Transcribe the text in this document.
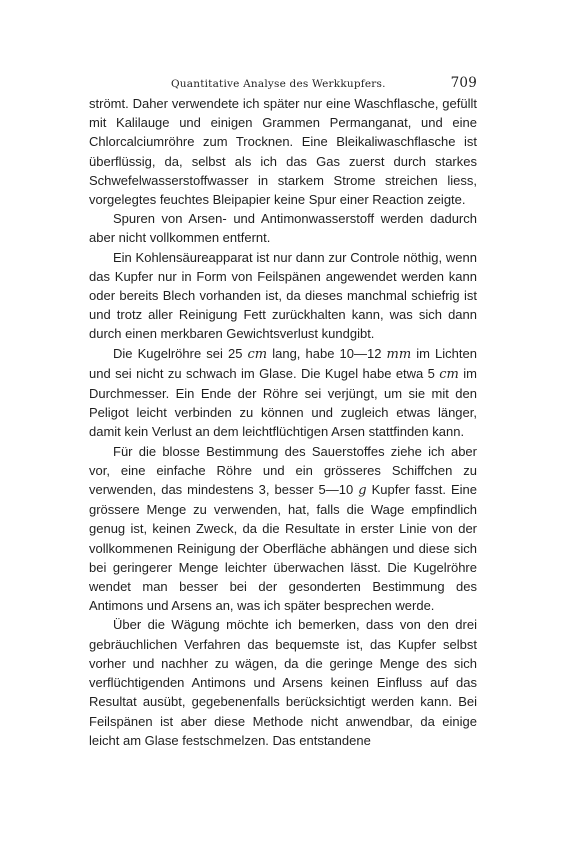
Quantitative Analyse des Werkkupfers.	709

strömt. Daher verwendete ich später nur eine Waschflasche, gefüllt mit Kalilauge und einigen Grammen Permanganat, und eine Chlorcalciumröhre zum Trocknen. Eine Bleikaliwaschflasche ist überflüssig, da, selbst als ich das Gas zuerst durch starkes Schwefelwasserstoffwasser in starkem Strome streichen liess, vorgelegtes feuchtes Bleipapier keine Spur einer Reaction zeigte.

Spuren von Arsen- und Antimonwasserstoff werden dadurch aber nicht vollkommen entfernt.

Ein Kohlensäureapparat ist nur dann zur Controle nöthig, wenn das Kupfer nur in Form von Feilspänen angewendet werden kann oder bereits Blech vorhanden ist, da dieses manchmal schiefrig ist und trotz aller Reinigung Fett zurückhalten kann, was sich dann durch einen merkbaren Gewichtsverlust kundgibt.

Die Kugelröhre sei 25 cm lang, habe 10—12 mm im Lichten und sei nicht zu schwach im Glase. Die Kugel habe etwa 5 cm im Durchmesser. Ein Ende der Röhre sei verjüngt, um sie mit den Peligot leicht verbinden zu können und zugleich etwas länger, damit kein Verlust an dem leichtflüchtigen Arsen stattfinden kann.

Für die blosse Bestimmung des Sauerstoffes ziehe ich aber vor, eine einfache Röhre und ein grösseres Schiffchen zu verwenden, das mindestens 3, besser 5—10 g Kupfer fasst. Eine grössere Menge zu verwenden, hat, falls die Wage empfindlich genug ist, keinen Zweck, da die Resultate in erster Linie von der vollkommenen Reinigung der Oberfläche abhängen und diese sich bei geringerer Menge leichter überwachen lässt. Die Kugelröhre wendet man besser bei der gesonderten Bestimmung des Antimons und Arsens an, was ich später besprechen werde.

Über die Wägung möchte ich bemerken, dass von den drei gebräuchlichen Verfahren das bequemste ist, das Kupfer selbst vorher und nachher zu wägen, da die geringe Menge des sich verflüchtigenden Antimons und Arsens keinen Einfluss auf das Resultat ausübt, gegebenenfalls berücksichtigt werden kann. Bei Feilspänen ist aber diese Methode nicht anwendbar, da einige leicht am Glase festschmelzen. Das entstandene
